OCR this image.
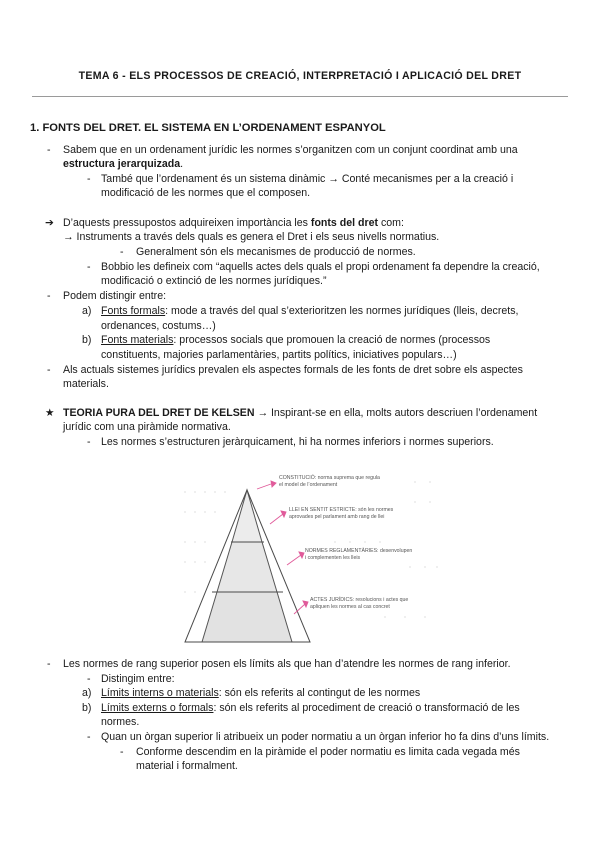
TEMA 6 - ELS PROCESSOS DE CREACIÓ, INTERPRETACIÓ I APLICACIÓ DEL DRET
1. FONTS DEL DRET. EL SISTEMA EN L’ORDENAMENT ESPANYOL
- Sabem que en un ordenament jurídic les normes s’organitzen com un conjunt coordinat amb una
estructura jerarquizada.
- També que l’ordenament és un sistema dinàmic → Conté mecanismes per a la creació i
modificació de les normes que el composen.
➔ D’aquests pressupostos adquireixen importància les fonts del dret com:
→ Instruments a través dels quals es genera el Dret i els seus nivells normatius.
- Generalment són els mecanismes de producció de normes.
- Bobbio les defineix com “aquells actes dels quals el propi ordenament fa dependre la creació,
modificació o extinció de les normes jurídiques.”
- Podem distingir entre:
a) Fonts formals: mode a través del qual s’exterioritzen les normes jurídiques (lleis, decrets,
ordenances, costums…)
b) Fonts materials: processos socials que promouen la creació de normes (processos
constituents, majories parlamentàries, partits polítics, iniciatives populars…)
- Als actuals sistemes jurídics prevalen els aspectes formals de les fonts de dret sobre els aspectes
materials.
★ TEORIA PURA DEL DRET DE KELSEN → Inspirant-se en ella, molts autors descriuen l’ordenament
jurídic com una piràmide normativa.
- Les normes s’estructuren jeràrquicament, hi ha normes inferiors i normes superiors.
CONSTITUCIÓ: norma suprema que regula
el model de l’ordenament
LLEI EN SENTIT ESTRICTE: són les normes
aprovades pel parlament amb rang de llei
NORMES REGLAMENTÀRIES: desenvolupen
i complementen les lleis
ACTES JURÍDICS: resolucions i actes que
apliquen les normes al cas concret
- Les normes de rang superior posen els límits als que han d’atendre les normes de rang inferior.
- Distingim entre:
a) Límits interns o materials: són els referits al contingut de les normes
b) Límits externs o formals: són els referits al procediment de creació o transformació de les
normes.
- Quan un òrgan superior li atribueix un poder normatiu a un òrgan inferior ho fa dins d’uns límits.
- Conforme descendim en la piràmide el poder normatiu es limita cada vegada més
material i formalment.
